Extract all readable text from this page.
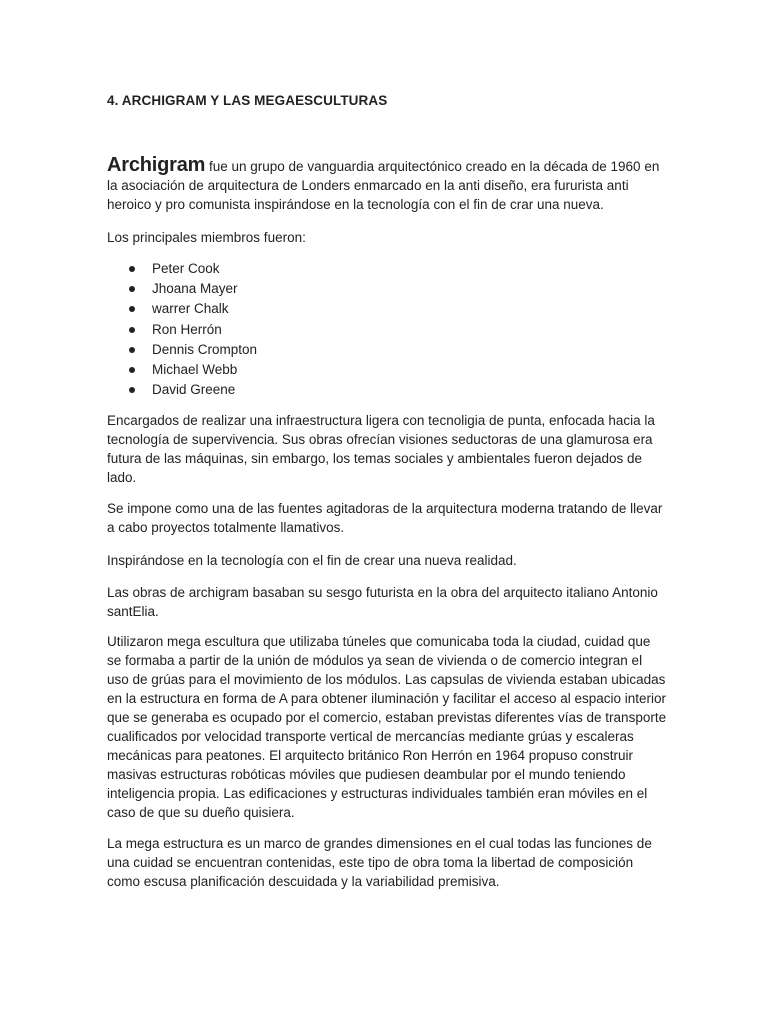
4. ARCHIGRAM Y LAS MEGAESCULTURAS

Archigram fue un grupo de vanguardia arquitectónico creado en la década de 1960 en la asociación de arquitectura de Londers enmarcado en la anti diseño, era fururista anti heroico y pro comunista inspirándose en la tecnología con el fin de crar una nueva.

Los principales miembros fueron:

Peter Cook
Jhoana Mayer
warrer Chalk
Ron Herrón
Dennis Crompton
Michael Webb
David Greene

Encargados de realizar una infraestructura ligera con tecnoligia de punta, enfocada hacia la tecnología de supervivencia. Sus obras ofrecían visiones seductoras de una glamurosa era futura de las máquinas, sin embargo, los temas sociales y ambientales fueron dejados de lado.

Se impone como una de las fuentes agitadoras de la arquitectura moderna tratando de llevar a cabo proyectos totalmente llamativos.

Inspirándose en la tecnología con el fin de crear una nueva realidad.

Las obras de archigram basaban su sesgo futurista en la obra del arquitecto italiano Antonio santElia.

Utilizaron mega escultura que utilizaba túneles que comunicaba toda la ciudad, cuidad que se formaba a partir de la unión de módulos ya sean de vivienda o de comercio integran el uso de grúas para el movimiento de los módulos. Las capsulas de vivienda estaban ubicadas en la estructura en forma de A para obtener iluminación y facilitar el acceso al espacio interior que se generaba es ocupado por el comercio, estaban previstas diferentes vías de transporte cualificados por velocidad transporte vertical de mercancías mediante grúas y escaleras mecánicas para peatones. El arquitecto británico Ron Herrón en 1964 propuso construir masivas estructuras robóticas móviles que pudiesen deambular por el mundo teniendo inteligencia propia. Las edificaciones y estructuras individuales también eran móviles en el caso de que su dueño quisiera.

La mega estructura es un marco de grandes dimensiones en el cual todas las funciones de una cuidad se encuentran contenidas, este tipo de obra toma la libertad de composición como escusa planificación descuidada y la variabilidad premisiva.
